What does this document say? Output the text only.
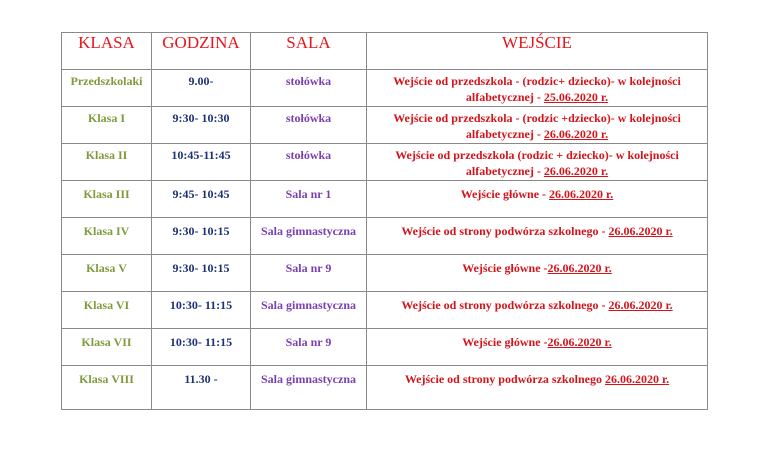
KLASA	GODZINA	SALA	WEJŚCIE
Przedszkolaki	9.00-	stołówka	Wejście od przedszkola - (rodzic+ dziecko)- w kolejności alfabetycznej - 25.06.2020 r.
Klasa I	9:30- 10:30	stołówka	Wejście od przedszkola - (rodzic +dziecko)- w kolejności alfabetycznej - 26.06.2020 r.
Klasa II	10:45-11:45	stołówka	Wejście od przedszkola (rodzic + dziecko)- w kolejności alfabetycznej - 26.06.2020 r.
Klasa III	9:45- 10:45	Sala nr 1	Wejście główne - 26.06.2020 r.
Klasa IV	9:30- 10:15	Sala gimnastyczna	Wejście od strony podwórza szkolnego - 26.06.2020 r.
Klasa V	9:30- 10:15	Sala nr 9	Wejście główne -26.06.2020 r.
Klasa VI	10:30- 11:15	Sala gimnastyczna	Wejście od strony podwórza szkolnego - 26.06.2020 r.
Klasa VII	10:30- 11:15	Sala nr 9	Wejście główne -26.06.2020 r.
Klasa VIII	11.30 -	Sala gimnastyczna	Wejście od strony podwórza szkolnego 26.06.2020 r.
